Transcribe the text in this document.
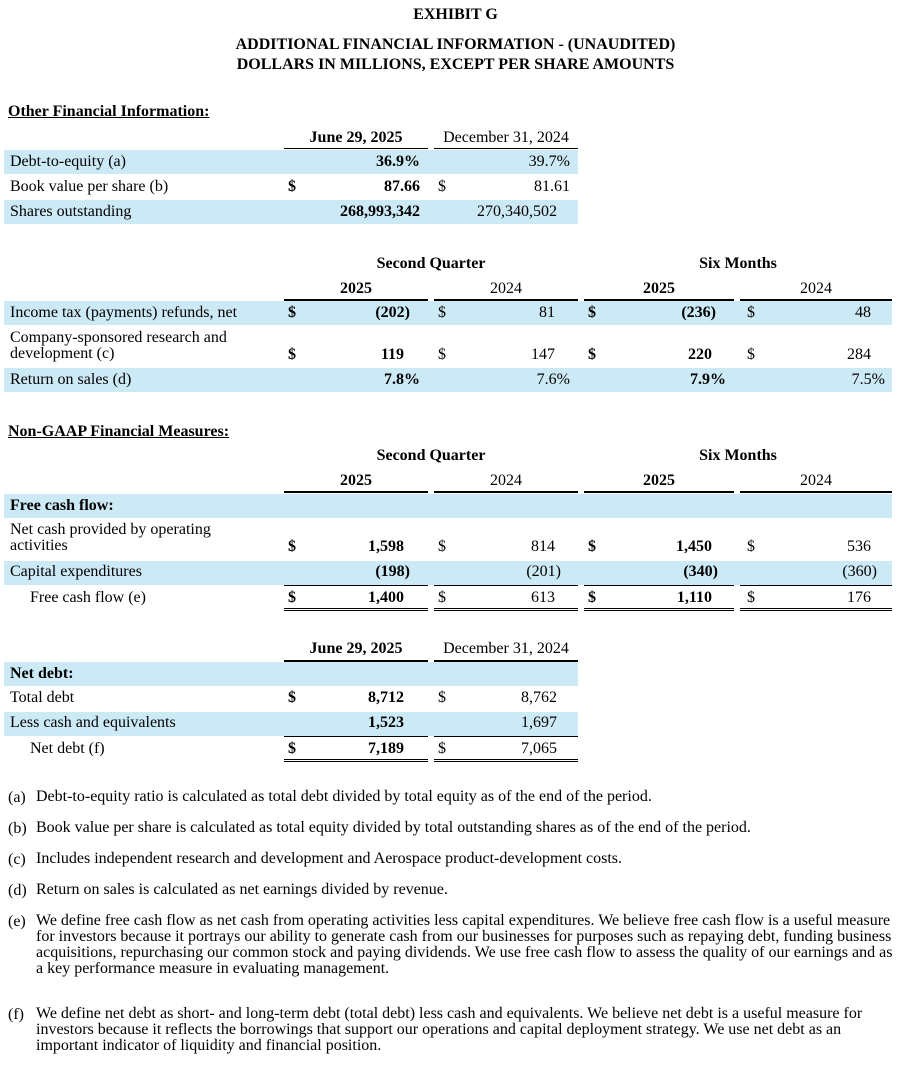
EXHIBIT G
ADDITIONAL FINANCIAL INFORMATION - (UNAUDITED)
DOLLARS IN MILLIONS, EXCEPT PER SHARE AMOUNTS
Other Financial Information:
June 29, 2025	December 31, 2024
Debt-to-equity (a)	36.9%	39.7%
Book value per share (b)	$	87.66 $	81.61
Shares outstanding	268,993,342	270,340,502
Second Quarter	Six Months
2025	2024	2025	2024
Income tax (payments) refunds, net	$	(202) $	81 $	(236) $	48
Company-sponsored research and
development (c)	$	119 $	147 $	220 $	284
Return on sales (d)	7.8%	7.6%	7.9%	7.5%
Non-GAAP Financial Measures:
Second Quarter	Six Months
2025	2024	2025	2024
Free cash flow:
Net cash provided by operating
activities	$	1,598 $	814 $	1,450 $	536
Capital expenditures	(198)	(201)	(340)	(360)
Free cash flow (e)	$	1,400 $	613 $	1,110 $	176
June 29, 2025	December 31, 2024
Net debt:
Total debt	$	8,712 $	8,762
Less cash and equivalents	1,523	1,697
Net debt (f)	$	7,189 $	7,065
(a) Debt-to-equity ratio is calculated as total debt divided by total equity as of the end of the period.
(b) Book value per share is calculated as total equity divided by total outstanding shares as of the end of the period.
(c) Includes independent research and development and Aerospace product-development costs.
(d) Return on sales is calculated as net earnings divided by revenue.
(e) We define free cash flow as net cash from operating activities less capital expenditures. We believe free cash flow is a useful measure for investors because it portrays our ability to generate cash from our businesses for purposes such as repaying debt, funding business acquisitions, repurchasing our common stock and paying dividends. We use free cash flow to assess the quality of our earnings and as a key performance measure in evaluating management.
(f) We define net debt as short- and long-term debt (total debt) less cash and equivalents. We believe net debt is a useful measure for investors because it reflects the borrowings that support our operations and capital deployment strategy. We use net debt as an important indicator of liquidity and financial position.
